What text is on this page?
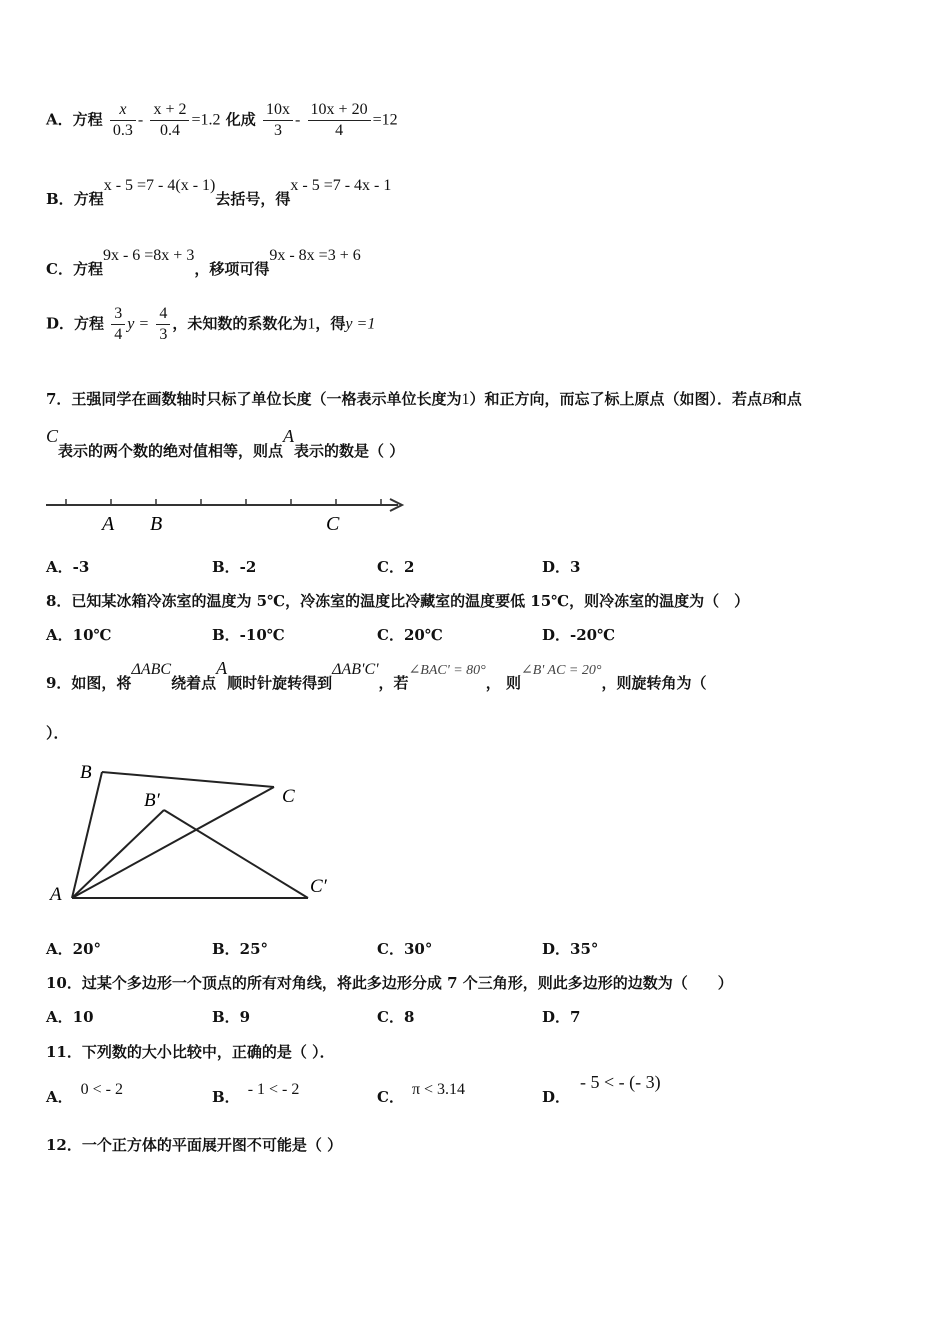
A．方程 $\frac{x}{0.3} - \frac{x + 2}{0.4} =1.2$ 化成 $\frac{10x}{3} - \frac{10x + 20}{4} =12$
B．方程x - 5 =7 - 4(x - 1)去括号，得x - 5 =7 - 4x - 1
C．方程9x - 6 =8x + 3，移项可得9x - 8x =3 + 6
D．方程 $\frac{3}{4}$ $y = \frac{4}{3}$ ，未知数的系数化为1，得y =1
7．王强同学在画数轴时只标了单位长度（一格表示单位长度为1）和正方向，而忘了标上原点（如图）．若点B和点
C表示的两个数的绝对值相等，则点A表示的数是（ ）
A B	C
A．-3	B．-2	C．2	D．3
8．已知某冰箱冷冻室的温度为 5℃，冷冻室的温度比冷藏室的温度要低 15℃，则冷冻室的温度为（　）
A．10℃	B．-10℃	C．20℃	D．-20℃
9．如图，将ΔABC绕着点A顺时针旋转得到ΔAB'C'，若∠BAC' = 80°， 则∠B' AC = 20°，则旋转角为（
）．
B
B′	C
C′
A
A．20°	B．25°	C．30°	D．35°
10．过某个多边形一个顶点的所有对角线，将此多边形分成 7 个三角形，则此多边形的边数为（　　）
A．10	B．9	C．8	D．7
11．下列数的大小比较中，正确的是（ ）．
A． 0 < - 2	B． - 1 < - 2	C． π < 3.14	D．- 5 < - (- 3)
12．一个正方体的平面展开图不可能是（ ）
